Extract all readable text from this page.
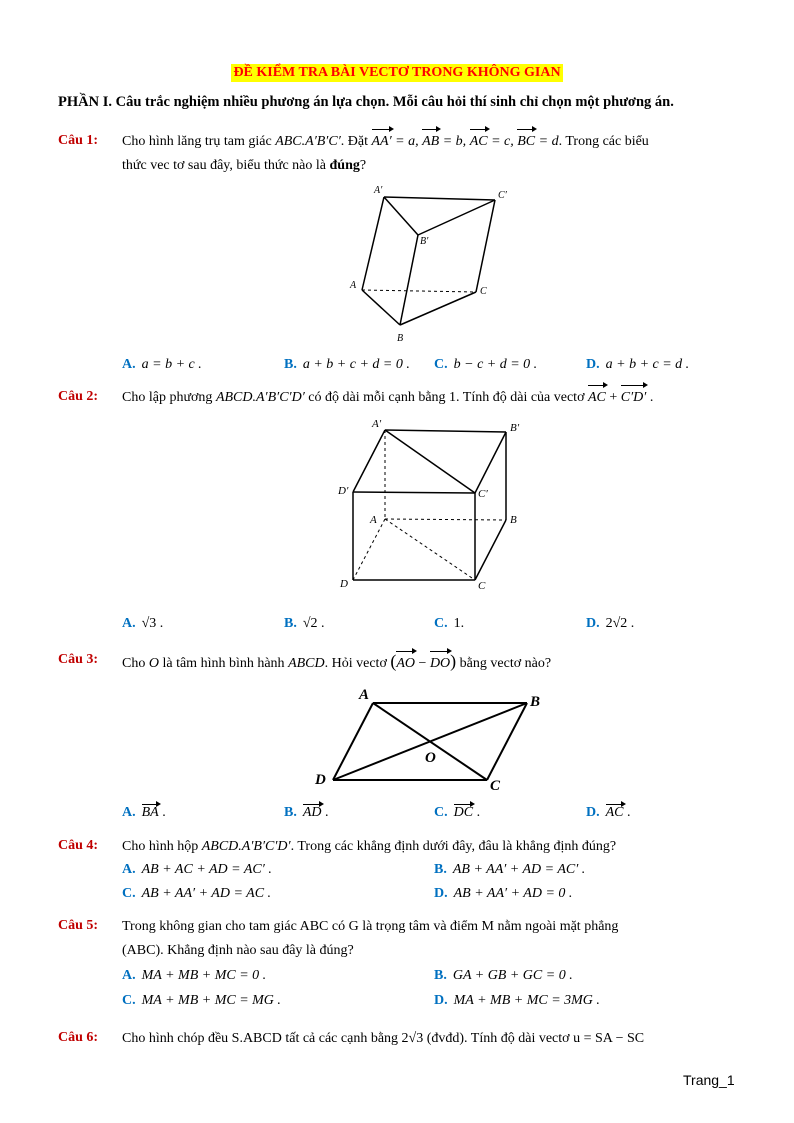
ĐỀ KIỂM TRA BÀI VECTƠ TRONG KHÔNG GIAN
PHẦN I. Câu trắc nghiệm nhiều phương án lựa chọn. Mỗi câu hỏi thí sinh chỉ chọn một phương án.
Câu 1: Cho hình lăng trụ tam giác ABC.A′B′C′. Đặt AA′ = a, AB = b, AC = c, BC = d. Trong các biểu
thức vec tơ sau đây, biểu thức nào là đúng?
A′	C′
B′
A
C
B
A. a = b + c .	B. a + b + c + d = 0 . C. b − c + d = 0 .	D. a + b + c = d .
Câu 2: Cho lập phương ABCD.A′B′C′D′ có độ dài mỗi cạnh bằng 1. Tính độ dài của vectơ AC + C′D′ .
A′	B′
D′	C′
A	B
D	C
A. √3 .	B. √2 .	C. 1.	D. 2√2 .
Câu 3: Cho O là tâm hình bình hành ABCD. Hỏi vectơ (AO − DO) bằng vectơ nào?
A	B
O
D	C
A. BA .	B. AD .	C. DC .	D. AC .
Câu 4: Cho hình hộp ABCD.A′B′C′D′. Trong các khẳng định dưới đây, đâu là khẳng định đúng?
A. AB + AC + AD = AC′ .	B. AB + AA′ + AD = AC′ .
C. AB + AA′ + AD = AC .	D. AB + AA′ + AD = 0 .
Câu 5: Trong không gian cho tam giác ABC có G là trọng tâm và điểm M nằm ngoài mặt phẳng
(ABC). Khẳng định nào sau đây là đúng?
A. MA + MB + MC = 0 .	B. GA + GB + GC = 0 .
C. MA + MB + MC = MG .	D. MA + MB + MC = 3MG .
Câu 6: Cho hình chóp đều S.ABCD tất cả các cạnh bằng 2√3 (đvđd). Tính độ dài vectơ u = SA − SC
Trang_1
